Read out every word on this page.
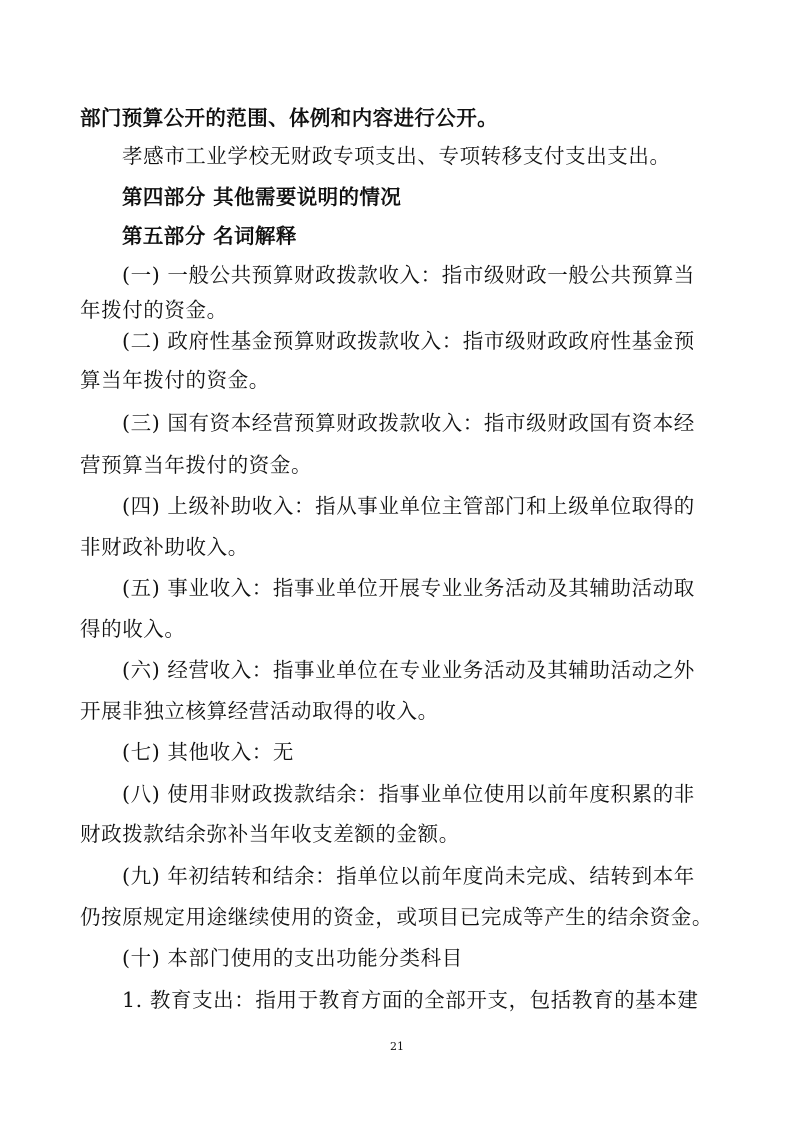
部门预算公开的范围、体例和内容进行公开。
孝感市工业学校无财政专项支出、专项转移支付支出支出。
第四部分 其他需要说明的情况
第五部分 名词解释
(一) 一般公共预算财政拨款收入：指市级财政一般公共预算当
年拨付的资金。
(二) 政府性基金预算财政拨款收入：指市级财政政府性基金预
算当年拨付的资金。
(三) 国有资本经营预算财政拨款收入：指市级财政国有资本经
营预算当年拨付的资金。
(四) 上级补助收入：指从事业单位主管部门和上级单位取得的
非财政补助收入。
(五) 事业收入：指事业单位开展专业业务活动及其辅助活动取
得的收入。
(六) 经营收入：指事业单位在专业业务活动及其辅助活动之外
开展非独立核算经营活动取得的收入。
(七) 其他收入：无
(八) 使用非财政拨款结余：指事业单位使用以前年度积累的非
财政拨款结余弥补当年收支差额的金额。
(九) 年初结转和结余：指单位以前年度尚未完成、结转到本年
仍按原规定用途继续使用的资金，或项目已完成等产生的结余资金。
(十) 本部门使用的支出功能分类科目
1. 教育支出：指用于教育方面的全部开支，包括教育的基本建
21
